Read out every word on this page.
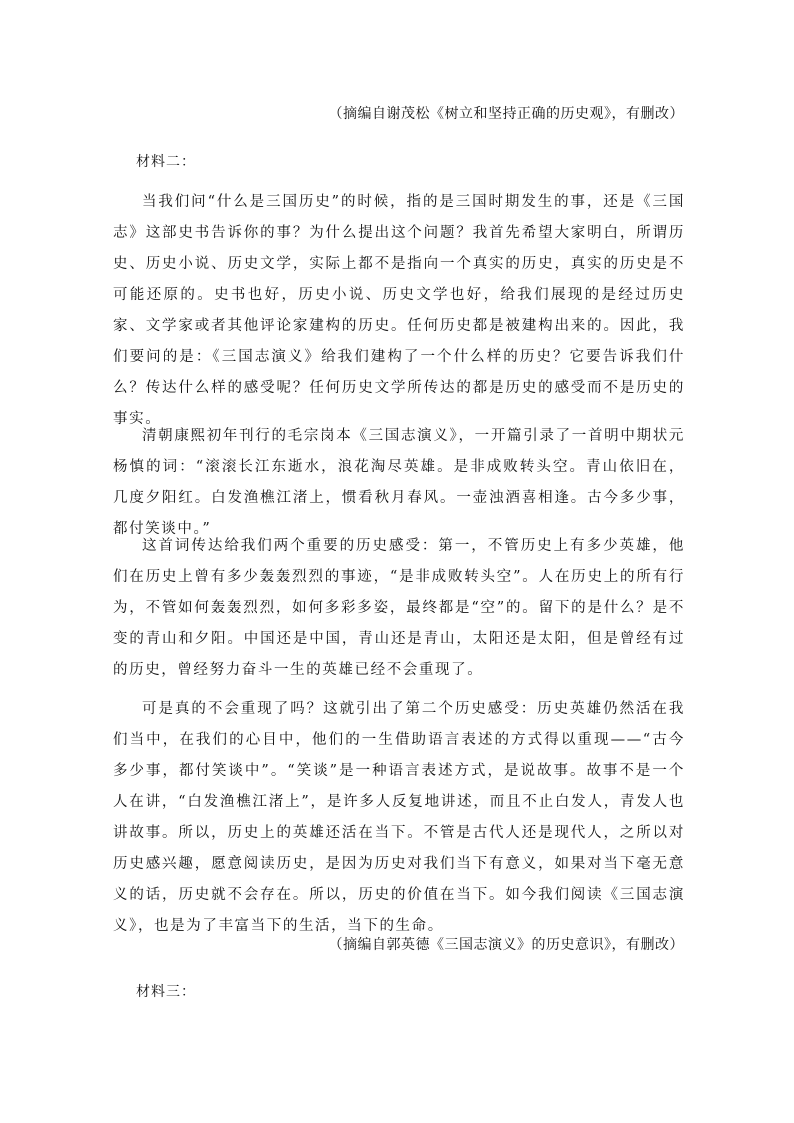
（摘编自谢茂松《树立和坚持正确的历史观》，有删改）
材料二：

当我们问“什么是三国历史”的时候，指的是三国时期发生的事，还是《三国志》这部史书告诉你的事？为什么提出这个问题？我首先希望大家明白，所谓历史、历史小说、历史文学，实际上都不是指向一个真实的历史，真实的历史是不可能还原的。史书也好，历史小说、历史文学也好，给我们展现的是经过历史家、文学家或者其他评论家建构的历史。任何历史都是被建构出来的。因此，我们要问的是：《三国志演义》给我们建构了一个什么样的历史？它要告诉我们什么？传达什么样的感受呢？任何历史文学所传达的都是历史的感受而不是历史的事实。

清朝康熙初年刊行的毛宗岗本《三国志演义》，一开篇引录了一首明中期状元杨慎的词：“滚滚长江东逝水，浪花淘尽英雄。是非成败转头空。青山依旧在，几度夕阳红。白发渔樵江渚上，惯看秋月春风。一壶浊酒喜相逢。古今多少事，都付笑谈中。”

这首词传达给我们两个重要的历史感受：第一，不管历史上有多少英雄，他们在历史上曾有多少轰轰烈烈的事迹，“是非成败转头空”。人在历史上的所有行为，不管如何轰轰烈烈，如何多彩多姿，最终都是“空”的。留下的是什么？是不变的青山和夕阳。中国还是中国，青山还是青山，太阳还是太阳，但是曾经有过的历史，曾经努力奋斗一生的英雄已经不会重现了。

可是真的不会重现了吗？这就引出了第二个历史感受：历史英雄仍然活在我们当中，在我们的心目中，他们的一生借助语言表述的方式得以重现——“古今多少事，都付笑谈中”。“笑谈”是一种语言表述方式，是说故事。故事不是一个人在讲，“白发渔樵江渚上”，是许多人反复地讲述，而且不止白发人，青发人也讲故事。所以，历史上的英雄还活在当下。不管是古代人还是现代人，之所以对历史感兴趣，愿意阅读历史，是因为历史对我们当下有意义，如果对当下毫无意义的话，历史就不会存在。所以，历史的价值在当下。如今我们阅读《三国志演义》，也是为了丰富当下的生活，当下的生命。

（摘编自郭英德《三国志演义》的历史意识》，有删改）
材料三：
